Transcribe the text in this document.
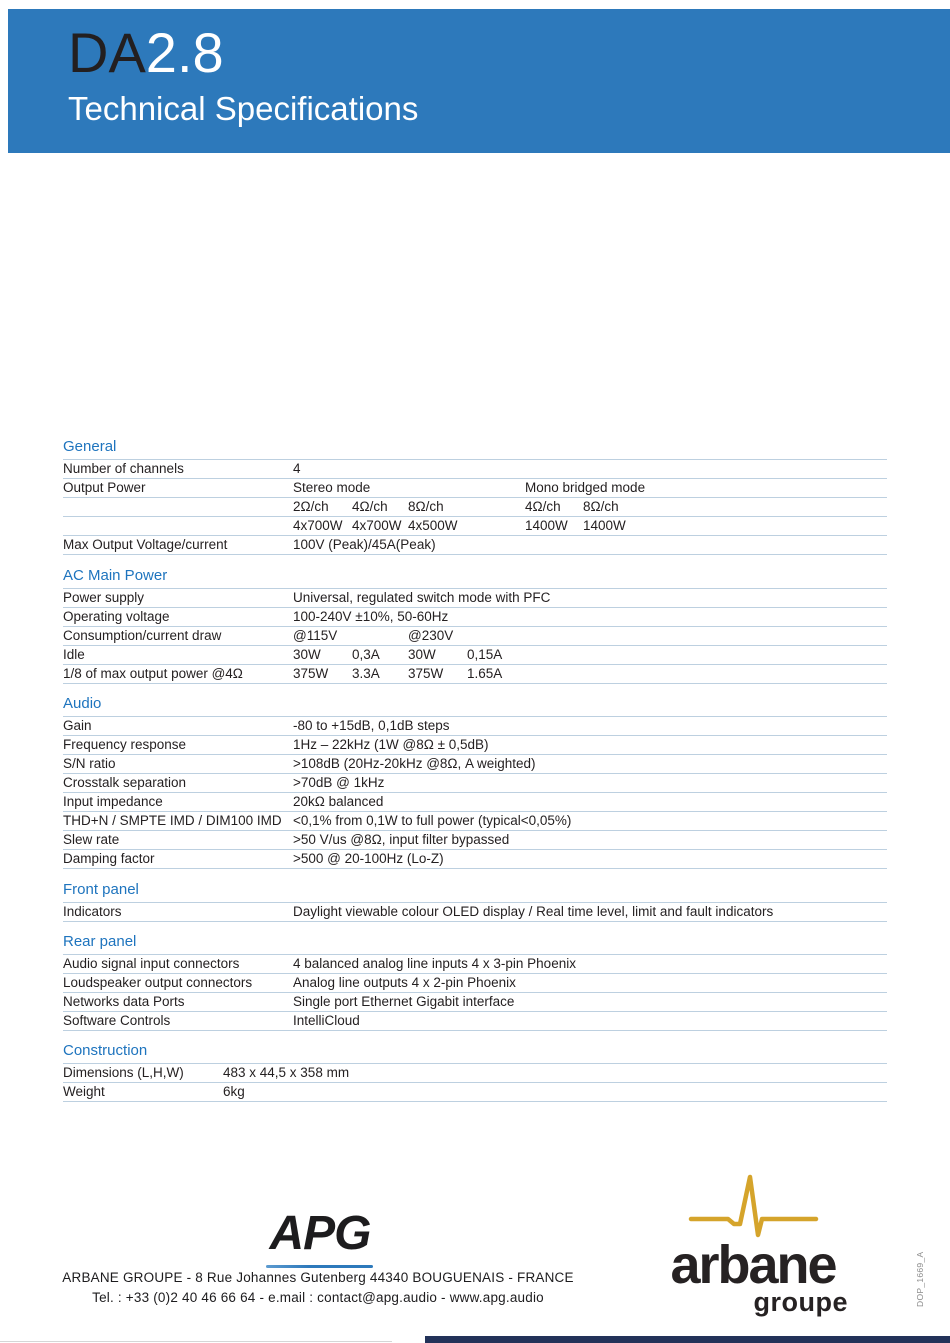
DA2.8
Technical Specifications
General
Number of channels	4
Output Power	Stereo mode	Mono bridged mode
2Ω/ch 4Ω/ch 8Ω/ch	4Ω/ch 8Ω/ch
4x700W 4x700W 4x500W	1400W 1400W
Max Output Voltage/current	100V (Peak)/45A(Peak)
AC Main Power
Power supply	Universal, regulated switch mode with PFC
Operating voltage	100-240V ±10%, 50-60Hz
Consumption/current draw	@115V	@230V
Idle	30W 0,3A 30W 0,15A
1/8 of max output power @4Ω	375W 3.3A 375W 1.65A
Audio
Gain	-80 to +15dB, 0,1dB steps
Frequency response	1Hz – 22kHz (1W @8Ω ± 0,5dB)
S/N ratio	>108dB (20Hz-20kHz @8Ω, A weighted)
Crosstalk separation	>70dB @ 1kHz
Input impedance	20kΩ balanced
THD+N / SMPTE IMD / DIM100 IMD <0,1% from 0,1W to full power (typical<0,05%)
Slew rate	>50 V/us @8Ω, input filter bypassed
Damping factor	>500 @ 20-100Hz (Lo-Z)
Front panel
Indicators	Daylight viewable colour OLED display / Real time level, limit and fault indicators
Rear panel
Audio signal input connectors	4 balanced analog line inputs 4 x 3-pin Phoenix
Loudspeaker output connectors	Analog line outputs 4 x 2-pin Phoenix
Networks data Ports	Single port Ethernet Gigabit interface
Software Controls	IntelliCloud
Construction
Dimensions (L,H,W)	483 x 44,5 x 358 mm
Weight	6kg
APG
ARBANE GROUPE - 8 Rue Johannes Gutenberg 44340 BOUGUENAIS - FRANCE
Tel. : +33 (0)2 40 46 66 64 - e.mail : contact@apg.audio - www.apg.audio
arbane
groupe	DOP_1669_A
